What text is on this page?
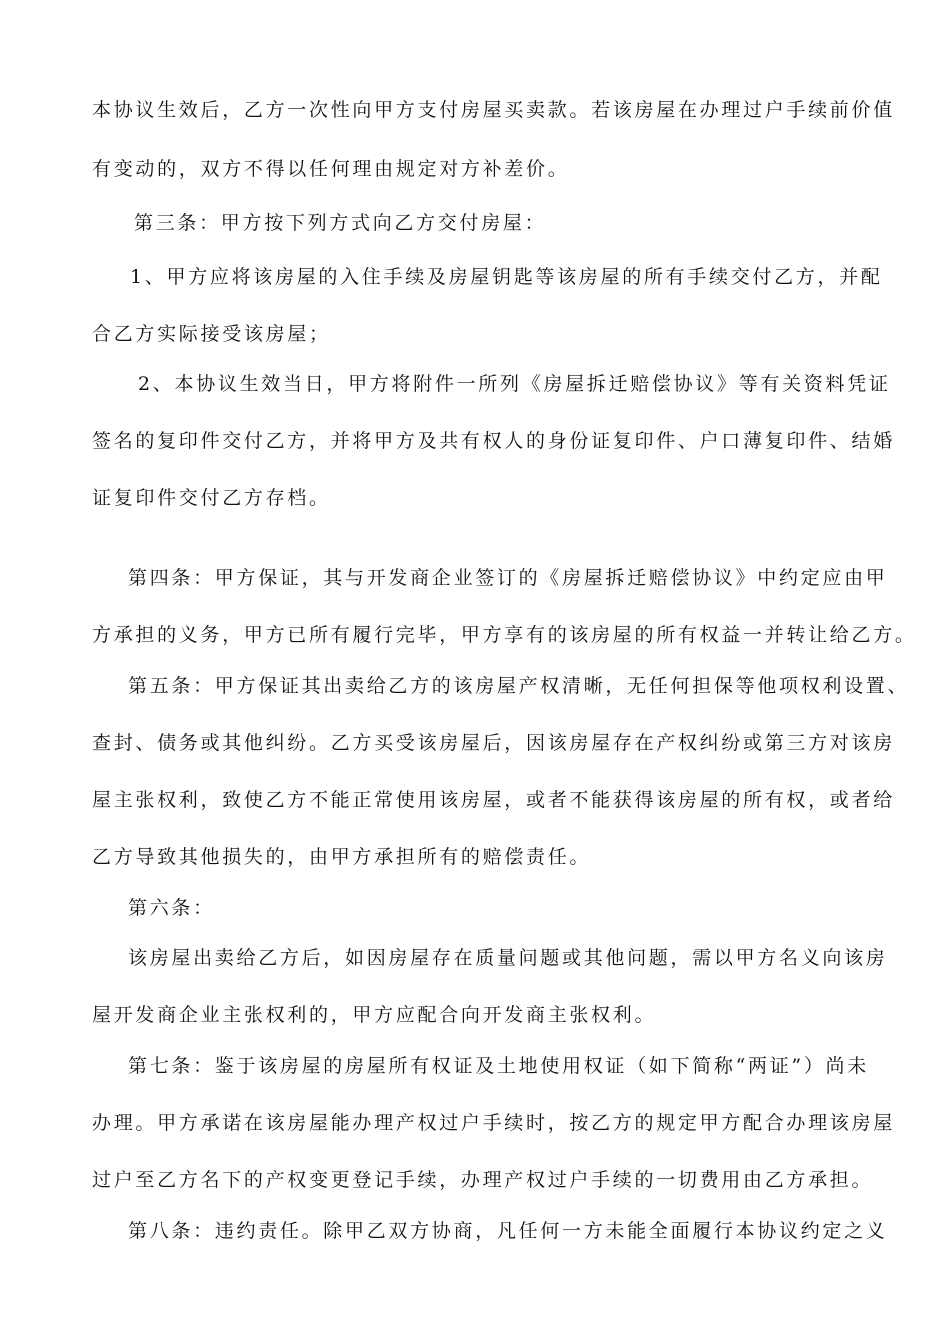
本协议生效后，乙方一次性向甲方支付房屋买卖款。若该房屋在办理过户手续前价值
有变动的，双方不得以任何理由规定对方补差价。
第三条：甲方按下列方式向乙方交付房屋：
1、甲方应将该房屋的入住手续及房屋钥匙等该房屋的所有手续交付乙方，并配
合乙方实际接受该房屋；
2、本协议生效当日，甲方将附件一所列《房屋拆迁赔偿协议》等有关资料凭证
签名的复印件交付乙方，并将甲方及共有权人的身份证复印件、户口薄复印件、结婚
证复印件交付乙方存档。
第四条：甲方保证，其与开发商企业签订的《房屋拆迁赔偿协议》中约定应由甲
方承担的义务，甲方已所有履行完毕，甲方享有的该房屋的所有权益一并转让给乙方。
第五条：甲方保证其出卖给乙方的该房屋产权清晰，无任何担保等他项权利设置、
查封、债务或其他纠纷。乙方买受该房屋后，因该房屋存在产权纠纷或第三方对该房
屋主张权利，致使乙方不能正常使用该房屋，或者不能获得该房屋的所有权，或者给
乙方导致其他损失的，由甲方承担所有的赔偿责任。
第六条：
该房屋出卖给乙方后，如因房屋存在质量问题或其他问题，需以甲方名义向该房
屋开发商企业主张权利的，甲方应配合向开发商主张权利。
第七条：鉴于该房屋的房屋所有权证及土地使用权证（如下简称“两证”）尚未
办理。甲方承诺在该房屋能办理产权过户手续时，按乙方的规定甲方配合办理该房屋
过户至乙方名下的产权变更登记手续，办理产权过户手续的一切费用由乙方承担。
第八条：违约责任。除甲乙双方协商，凡任何一方未能全面履行本协议约定之义
